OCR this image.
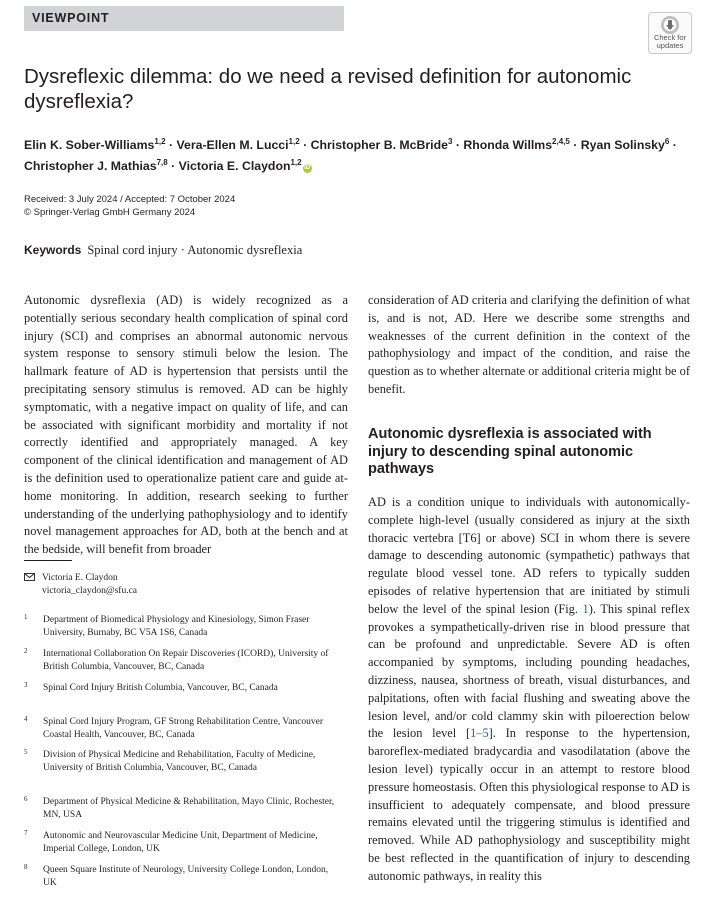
VIEWPOINT
Check for
updates
Dysreflexic dilemma: do we need a revised definition for autonomic dysreflexia?
Elin K. Sober-Williams$^{1,2}$ · Vera-Ellen M. Lucci$^{1,2}$ · Christopher B. McBride$^3$ · Rhonda Willms$^{2,4,5}$ · Ryan Solinsky$^6$ ·
Christopher J. Mathias$^{7,8}$ · Victoria E. Claydon$^{1,2}$iD
Received: 3 July 2024 / Accepted: 7 October 2024
© Springer-Verlag GmbH Germany 2024
Keywords Spinal cord injury · Autonomic dysreflexia

Autonomic dysreflexia (AD) is widely recognized as a potentially serious secondary health complication of spinal cord injury (SCI) and comprises an abnormal autonomic nervous system response to sensory stimuli below the lesion. The hallmark feature of AD is hypertension that persists until the precipitating sensory stimulus is removed. AD can be highly symptomatic, with a negative impact on quality of life, and can be associated with significant morbidity and mortality if not correctly identified and appropriately managed. A key component of the clinical identification and management of AD is the definition used to operationalize patient care and guide at-home monitoring. In addition, research seeking to further understanding of the underlying pathophysiology and to identify novel management approaches for AD, both at the bench and at the bedside, will benefit from broader

consideration of AD criteria and clarifying the definition of what is, and is not, AD. Here we describe some strengths and weaknesses of the current definition in the context of the pathophysiology and impact of the condition, and raise the question as to whether alternate or additional criteria might be of benefit.

Autonomic dysreflexia is associated with injury to descending spinal autonomic pathways

AD is a condition unique to individuals with autonomically-complete high-level (usually considered as injury at the sixth thoracic vertebra [T6] or above) SCI in whom there is severe damage to descending autonomic (sympathetic) pathways that regulate blood vessel tone. AD refers to typically sudden episodes of relative hypertension that are initiated by stimuli below the level of the spinal lesion (Fig. 1). This spinal reflex provokes a sympathetically-driven rise in blood pressure that can be profound and unpredictable. Severe AD is often accompanied by symptoms, including pounding headaches, dizziness, nausea, shortness of breath, visual disturbances, and palpitations, often with facial flushing and sweating above the lesion level, and/or cold clammy skin with piloerection below the lesion level [1–5]. In response to the hypertension, baroreflex-mediated bradycardia and vasodilatation (above the lesion level) typically occur in an attempt to restore blood pressure homeostasis. Often this physiological response to AD is insufficient to adequately compensate, and blood pressure remains elevated until the triggering stimulus is identified and removed. While AD pathophysiology and susceptibility might be best reflected in the quantification of injury to descending autonomic pathways, in reality this

Victoria E. Claydon
victoria_claydon@sfu.ca
1 Department of Biomedical Physiology and Kinesiology, Simon Fraser University, Burnaby, BC V5A 1S6, Canada
2 International Collaboration On Repair Discoveries (ICORD), University of British Columbia, Vancouver, BC, Canada
3 Spinal Cord Injury British Columbia, Vancouver, BC, Canada
4 Spinal Cord Injury Program, GF Strong Rehabilitation Centre, Vancouver Coastal Health, Vancouver, BC, Canada
5 Division of Physical Medicine and Rehabilitation, Faculty of Medicine, University of British Columbia, Vancouver, BC, Canada
6 Department of Physical Medicine & Rehabilitation, Mayo Clinic, Rochester, MN, USA
7 Autonomic and Neurovascular Medicine Unit, Department of Medicine, Imperial College, London, UK
8 Queen Square Institute of Neurology, University College London, London, UK
